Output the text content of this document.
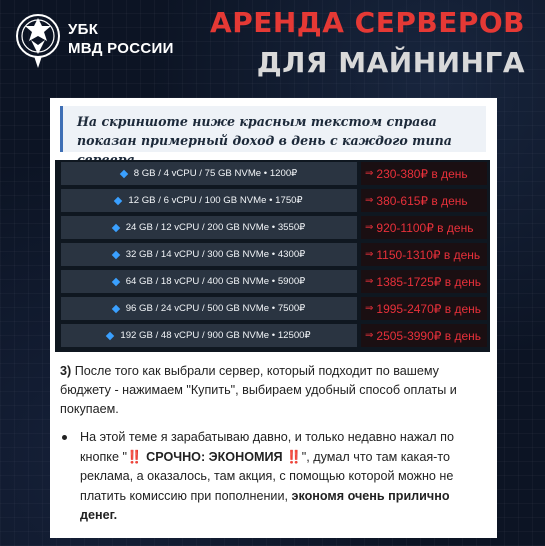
УБК
МВД РОССИИ
АРЕНДА СЕРВЕРОВ
ДЛЯ МАЙНИНГА
На скриншоте ниже красным текстом справа показан примерный доход в день с каждого типа
8 GB / 4 vCPU / 75 GB NVMe • 1200₽	⇒ 230-380₽ в день
12 GB / 6 vCPU / 100 GB NVMe • 1750₽	⇒ 380-615₽ в день
24 GB / 12 vCPU / 200 GB NVMe • 3550₽	⇒ 920-1100₽ в день
32 GB / 14 vCPU / 300 GB NVMe • 4300₽	⇒ 1150-1310₽ в день
64 GB / 18 vCPU / 400 GB NVMe • 5900₽	⇒ 1385-1725₽ в день
96 GB / 24 vCPU / 500 GB NVMe • 7500₽	⇒ 1995-2470₽ в день
192 GB / 48 vCPU / 900 GB NVMe • 12500₽	⇒ 2505-3990₽ в день
3) После того как выбрали сервер, который подходит по вашему бюджету - нажимаем "Купить", выбираем удобный способ оплаты и покупаем.
На этой теме я зарабатываю давно, и только недавно нажал по кнопке "‼️ СРОЧНО: ЭКОНОМИЯ ‼️", думал что там какая-то реклама, а оказалось, там акция, с помощью которой можно не платить комиссию при пополнении, экономя очень прилично денег.
